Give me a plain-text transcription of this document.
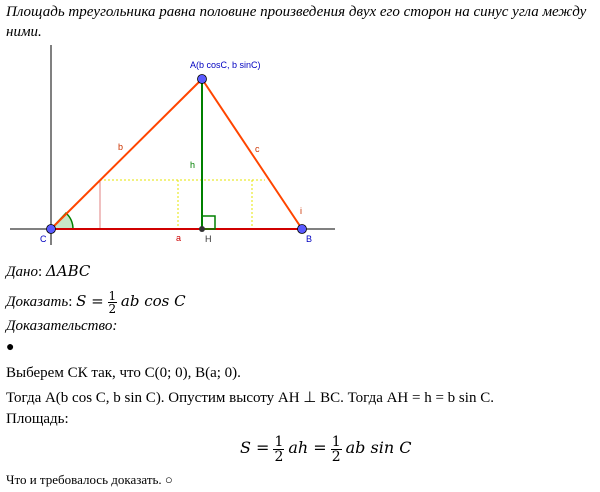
Площадь треугольника равна половине произведения двух его сторон на синус угла между ними.
A(b cosC, b sinC)
b	c
h
a
C	H	B
i
Дано: ΔABC
Доказать: $S = \frac{1}{2}$ ab cos C
Доказательство:
●
Выберем СК так, что C(0; 0), B(a; 0).
Тогда A(b cos C, b sin C). Опустим высоту AH ⊥ BC. Тогда AH = h = b sin C.
Площадь:
$S = \frac{1}{2}$ ah = $\frac{1}{2}$ ab sin C
Что и требовалось доказать. ○
